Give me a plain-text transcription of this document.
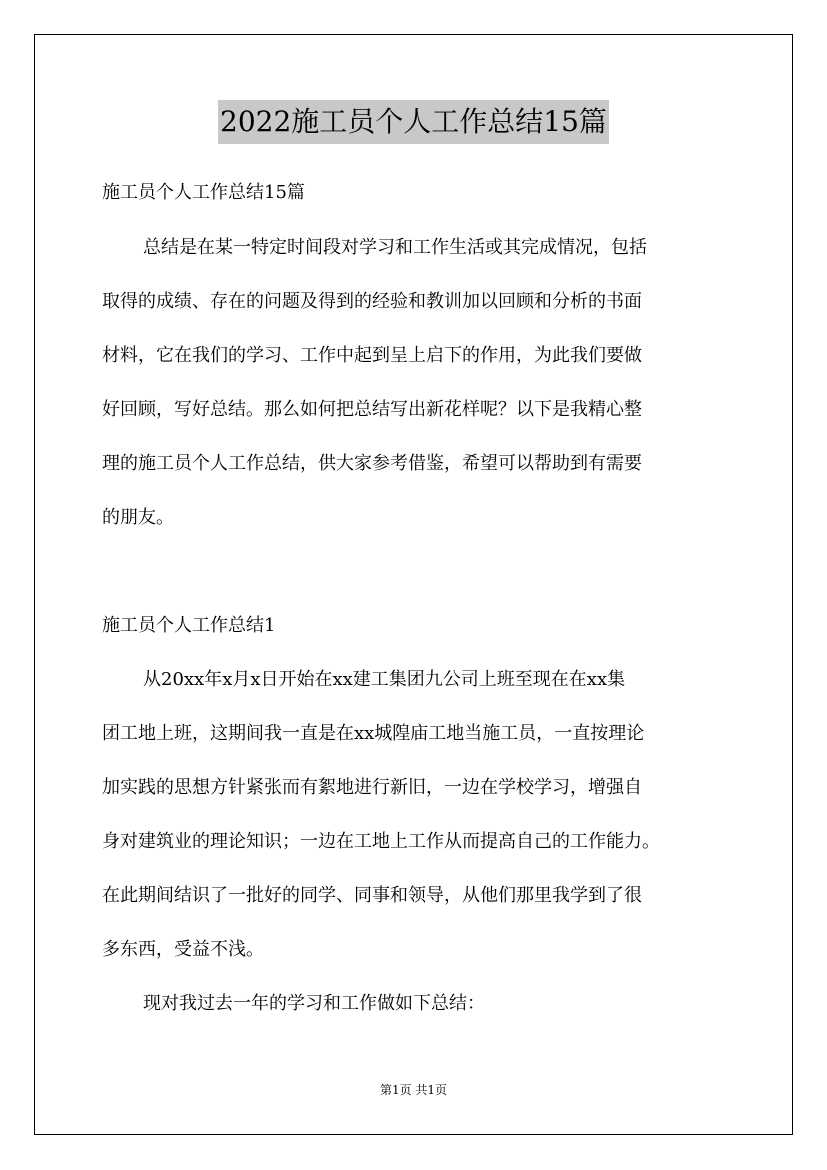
2022施工员个人工作总结15篇
施工员个人工作总结15篇
总结是在某一特定时间段对学习和工作生活或其完成情况，包括
取得的成绩、存在的问题及得到的经验和教训加以回顾和分析的书面
材料，它在我们的学习、工作中起到呈上启下的作用，为此我们要做
好回顾，写好总结。那么如何把总结写出新花样呢？以下是我精心整
理的施工员个人工作总结，供大家参考借鉴，希望可以帮助到有需要
的朋友。
施工员个人工作总结1
从20xx年x月x日开始在xx建工集团九公司上班至现在在xx集
团工地上班，这期间我一直是在xx城隍庙工地当施工员，一直按理论
加实践的思想方针紧张而有絮地进行新旧，一边在学校学习，增强自
身对建筑业的理论知识；一边在工地上工作从而提高自己的工作能力。
在此期间结识了一批好的同学、同事和领导，从他们那里我学到了很
多东西，受益不浅。
现对我过去一年的学习和工作做如下总结：
第1页 共1页
